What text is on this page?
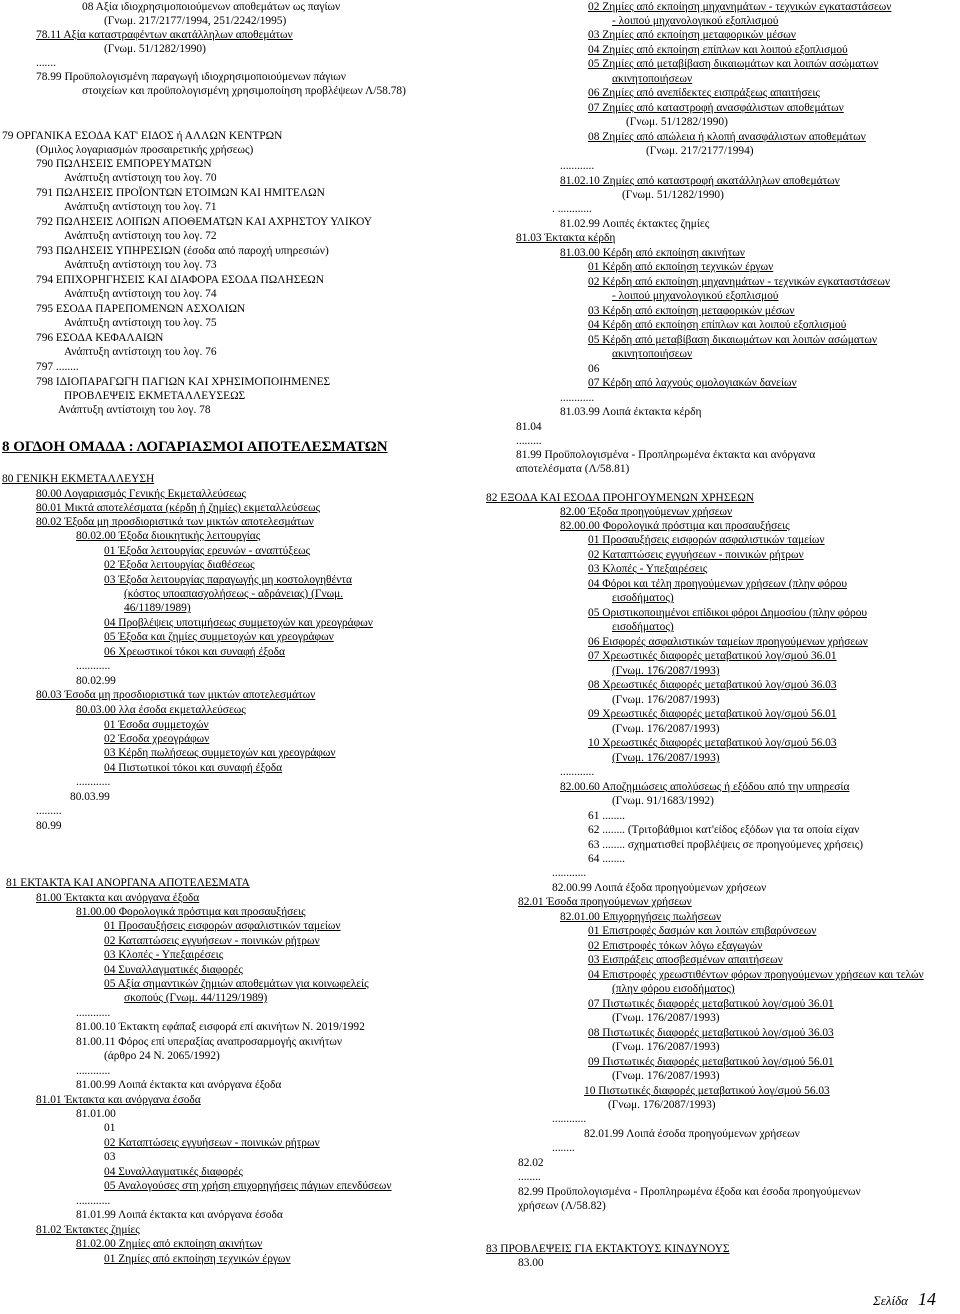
08 Αξία ιδιοχρησιμοποιούμενων αποθεμάτων ως παγίων
(Γνωμ. 217/2177/1994, 251/2242/1995)
78.11 Αξία καταστραφέντων ακατάλληλων αποθεμάτων
(Γνωμ. 51/1282/1990)
.......
78.99 Προϋπολογισμένη παραγωγή ιδιοχρησιμοποιούμενων πάγιων
στοιχείων και προϋπολογισμένη χρησιμοποίηση προβλέψεων Λ/58.78)
79 ΟΡΓΑΝΙΚΑ ΕΣΟΔΑ ΚΑΤ' ΕΙΔΟΣ ή ΑΛΛΩΝ ΚΕΝΤΡΩΝ
(Ομιλος λογαριασμών προσαιρετικής χρήσεως)
790 ΠΩΛΗΣΕΙΣ ΕΜΠΟΡΕΥΜΑΤΩΝ
Ανάπτυξη αντίστοιχη του λογ. 70
791 ΠΩΛΗΣΕΙΣ ΠΡΟΪΟΝΤΩΝ ΕΤΟΙΜΩΝ ΚΑΙ ΗΜΙΤΕΛΩΝ
Ανάπτυξη αντίστοιχη του λογ. 71
792 ΠΩΛΗΣΕΙΣ ΛΟΙΠΩΝ ΑΠΟΘΕΜΑΤΩΝ ΚΑΙ ΑΧΡΗΣΤΟΥ ΥΛΙΚΟΥ
Ανάπτυξη αντίστοιχη του λογ. 72
793 ΠΩΛΗΣΕΙΣ ΥΠΗΡΕΣΙΩΝ (έσοδα από παροχή υπηρεσιών)
Ανάπτυξη αντίστοιχη του λογ. 73
794 ΕΠΙΧΟΡΗΓΗΣΕΙΣ ΚΑΙ ΔΙΑΦΟΡΑ ΕΣΟΔΑ ΠΩΛΗΣΕΩΝ
Ανάπτυξη αντίστοιχη του λογ. 74
795 ΕΣΟΔΑ ΠΑΡΕΠΟΜΕΝΩΝ ΑΣΧΟΛΙΩΝ
Ανάπτυξη αντίστοιχη του λογ. 75
796 ΕΣΟΔΑ ΚΕΦΑΛΑΙΩΝ
Ανάπτυξη αντίστοιχη του λογ. 76
797 ........
798 ΙΔΙΟΠΑΡΑΓΩΓΗ ΠΑΓΙΩΝ ΚΑΙ ΧΡΗΣΙΜΟΠΟΙΗΜΕΝΕΣ
ΠΡΟΒΛΕΨΕΙΣ ΕΚΜΕΤΑΛΛΕΥΣΕΩΣ
Ανάπτυξη αντίστοιχη του λογ. 78
8 ΟΓΔΟΗ ΟΜΑΔΑ : ΛΟΓΑΡΙΑΣΜΟΙ ΑΠΟΤΕΛΕΣΜΑΤΩΝ
80 ΓΕΝΙΚΗ ΕΚΜΕΤΑΛΛΕΥΣΗ
80.00 Λογαριασμός Γενικής Εκμεταλλεύσεως
80.01 Μικτά αποτελέσματα (κέρδη ή ζημίες) εκμεταλλεύσεως
80.02 Έξοδα μη προσδιοριστικά των μικτών αποτελεσμάτων
80.02.00 Έξοδα διοικητικής λειτουργίας
01 Έξοδα λειτουργίας ερευνών - αναπτύξεως
02 Έξοδα λειτουργίας διαθέσεως
03 Έξοδα λειτουργίας παραγωγής μη κοστολογηθέντα
(κόστος υποαπασχολήσεως - αδράνειας) (Γνωμ.
46/1189/1989)
04 Προβλέψεις υποτιμήσεως συμμετοχών και χρεογράφων
05 Έξοδα και ζημίες συμμετοχών και χρεογράφων
06 Χρεωστικοί τόκοι και συναφή έξοδα
............
80.02.99
80.03 Έσοδα μη προσδιοριστικά των μικτών αποτελεσμάτων
80.03.00 λλα έσοδα εκμεταλλεύσεως
01 Έσοδα συμμετοχών
02 Έσοδα χρεογράφων
03 Κέρδη πωλήσεως συμμετοχών και χρεογράφων
04 Πιστωτικοί τόκοι και συναφή έξοδα
............
80.03.99
.........
80.99
81 ΕΚΤΑΚΤΑ ΚΑΙ ΑΝΟΡΓΑΝΑ ΑΠΟΤΕΛΕΣΜΑΤΑ
81.00 Έκτακτα και ανόργανα έξοδα
81.00.00 Φορολογικά πρόστιμα και προσαυξήσεις
01 Προσαυξήσεις εισφορών ασφαλιστικών ταμείων
02 Καταπτώσεις εγγυήσεων - ποινικών ρήτρων
03 Κλοπές - Υπεξαιρέσεις
04 Συναλλαγματικές διαφορές
05 Αξία σημαντικών ζημιών αποθεμάτων για κοινωφελείς
σκοπούς (Γνωμ. 44/1129/1989)
............
81.00.10 Έκτακτη εφάπαξ εισφορά επί ακινήτων Ν. 2019/1992
81.00.11 Φόρος επί υπεραξίας αναπροσαρμογής ακινήτων
(άρθρο 24 Ν. 2065/1992)
............
81.00.99 Λοιπά έκτακτα και ανόργανα έξοδα
81.01 Έκτακτα και ανόργανα έσοδα
81.01.00
01
02 Καταπτώσεις εγγυήσεων - ποινικών ρήτρων
03
04 Συναλλαγματικές διαφορές
05 Αναλογούσες στη χρήση επιχορηγήσεις πάγιων επενδύσεων
............
81.01.99 Λοιπά έκτακτα και ανόργανα έσοδα
81.02 Έκτακτες ζημίες
81.02.00 Ζημίες από εκποίηση ακινήτων
01 Ζημίες από εκποίηση τεχνικών έργων
02 Ζημίες από εκποίηση μηχανημάτων - τεχνικών εγκαταστάσεων
- λοιπού μηχανολογικού εξοπλισμού
03 Ζημίες από εκποίηση μεταφορικών μέσων
04 Ζημίες από εκποίηση επίπλων και λοιπού εξοπλισμού
05 Ζημίες από μεταβίβαση δικαιωμάτων και λοιπών ασώματων
ακινητοποιήσεων
06 Ζημίες από ανεπίδεκτες εισπράξεως απαιτήσεις
07 Ζημίες από καταστροφή ανασφάλιστων αποθεμάτων
(Γνωμ. 51/1282/1990)
08 Ζημίες από απώλεια ή κλοπή ανασφάλιστων αποθεμάτων
(Γνωμ. 217/2177/1994)
............
81.02.10 Ζημίες από καταστροφή ακατάλληλων αποθεμάτων
(Γνωμ. 51/1282/1990)
. ............
81.02.99 Λοιπές έκτακτες ζημίες
81.03 Έκτακτα κέρδη
81.03.00 Κέρδη από εκποίηση ακινήτων
01 Κέρδη από εκποίηση τεχνικών έργων
02 Κέρδη από εκποίηση μηχανημάτων - τεχνικών εγκαταστάσεων
- λοιπού μηχανολογικού εξοπλισμού
03 Κέρδη από εκποίηση μεταφορικών μέσων
04 Κέρδη από εκποίηση επίπλων και λοιπού εξοπλισμού
05 Κέρδη από μεταβίβαση δικαιωμάτων και λοιπών ασώματων
ακινητοποιήσεων
06
07 Κέρδη από λαχνούς ομολογιακών δανείων
............
81.03.99 Λοιπά έκτακτα κέρδη
81.04
.........
81.99 Προϋπολογισμένα - Προπληρωμένα έκτακτα και ανόργανα
αποτελέσματα (Λ/58.81)
82 ΕΞΟΔΑ ΚΑΙ ΕΣΟΔΑ ΠΡΟΗΓΟΥΜΕΝΩΝ ΧΡΗΣΕΩΝ
82.00 Έξοδα προηγούμενων χρήσεων
82.00.00 Φορολογικά πρόστιμα και προσαυξήσεις
01 Προσαυξήσεις εισφορών ασφαλιστικών ταμείων
02 Καταπτώσεις εγγυήσεων - ποινικών ρήτρων
03 Κλοπές - Υπεξαιρέσεις
04 Φόροι και τέλη προηγούμενων χρήσεων (πλην φόρου
εισοδήματος)
05 Οριστικοποιημένοι επίδικοι φόροι Δημοσίου (πλην φόρου
εισοδήματος)
06 Εισφορές ασφαλιστικών ταμείων προηγούμενων χρήσεων
07 Χρεωστικές διαφορές μεταβατικού λογ/σμού 36.01
(Γνωμ. 176/2087/1993)
08 Χρεωστικές διαφορές μεταβατικού λογ/σμού 36.03
(Γνωμ. 176/2087/1993)
09 Χρεωστικές διαφορές μεταβατικού λογ/σμού 56.01
(Γνωμ. 176/2087/1993)
10 Χρεωστικές διαφορές μεταβατικού λογ/σμού 56.03
(Γνωμ. 176/2087/1993)
............
82.00.60 Αποζημιώσεις απολύσεως ή εξόδου από την υπηρεσία
(Γνωμ. 91/1683/1992)
61 ........
62 ........ (Τριτοβάθμιοι κατ'είδος εξόδων για τα οποία είχαν
63 ........ σχηματισθεί προβλέψεις σε προηγούμενες χρήσεις)
64 ........
............
82.00.99 Λοιπά έξοδα προηγούμενων χρήσεων
82.01 Έσοδα προηγούμενων χρήσεων
82.01.00 Επιχορηγήσεις πωλήσεων
01 Επιστροφές δασμών και λοιπών επιβαρύνσεων
02 Επιστροφές τόκων λόγω εξαγωγών
03 Εισπράξεις αποσβεσμένων απαιτήσεων
04 Επιστροφές χρεωστιθέντων φόρων προηγούμενων χρήσεων και τελών
(πλην φόρου εισοδήματος)
07 Πιστωτικές διαφορές μεταβατικού λογ/σμού 36.01
(Γνωμ. 176/2087/1993)
08 Πιστωτικές διαφορές μεταβατικού λογ/σμού 36.03
(Γνωμ. 176/2087/1993)
09 Πιστωτικές διαφορές μεταβατικού λογ/σμού 56.01
(Γνωμ. 176/2087/1993)
10 Πιστωτικές διαφορές μεταβατικού λογ/σμού 56.03
(Γνωμ. 176/2087/1993)
............
82.01.99 Λοιπά έσοδα προηγούμενων χρήσεων
........
82.02
........
82.99 Προϋπολογισμένα - Προπληρωμένα έξοδα και έσοδα προηγούμενων
χρήσεων (Λ/58.82)
83 ΠΡΟΒΛΕΨΕΙΣ ΓΙΑ ΕΚΤΑΚΤΟΥΣ ΚΙΝΔΥΝΟΥΣ
83.00
Σελίδα 14
